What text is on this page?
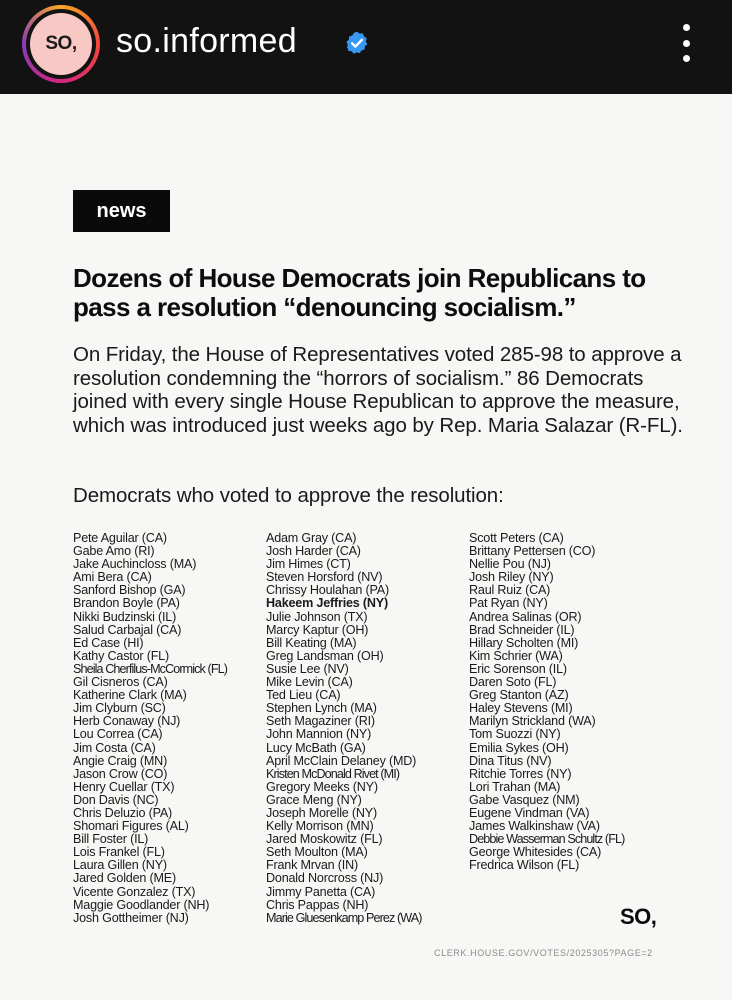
SO,	so.informed
news
Dozens of House Democrats join Republicans to pass a resolution “denouncing socialism.”
On Friday, the House of Representatives voted 285-98 to approve a resolution condemning the “horrors of socialism.” 86 Democrats joined with every single House Republican to approve the measure, which was introduced just weeks ago by Rep. Maria Salazar (R-FL).
Democrats who voted to approve the resolution:
Pete Aguilar (CA)
Gabe Amo (RI)
Jake Auchincloss (MA)
Ami Bera (CA)
Sanford Bishop (GA)
Brandon Boyle (PA)
Nikki Budzinski (IL)
Salud Carbajal (CA)
Ed Case (HI)
Kathy Castor (FL)
Sheila Cherfilus-McCormick (FL)
Gil Cisneros (CA)
Katherine Clark (MA)
Jim Clyburn (SC)
Herb Conaway (NJ)
Lou Correa (CA)
Jim Costa (CA)
Angie Craig (MN)
Jason Crow (CO)
Henry Cuellar (TX)
Don Davis (NC)
Chris Deluzio (PA)
Shomari Figures (AL)
Bill Foster (IL)
Lois Frankel (FL)
Laura Gillen (NY)
Jared Golden (ME)
Vicente Gonzalez (TX)
Maggie Goodlander (NH)
Josh Gottheimer (NJ)
Adam Gray (CA)
Josh Harder (CA)
Jim Himes (CT)
Steven Horsford (NV)
Chrissy Houlahan (PA)
Hakeem Jeffries (NY)
Julie Johnson (TX)
Marcy Kaptur (OH)
Bill Keating (MA)
Greg Landsman (OH)
Susie Lee (NV)
Mike Levin (CA)
Ted Lieu (CA)
Stephen Lynch (MA)
Seth Magaziner (RI)
John Mannion (NY)
Lucy McBath (GA)
April McClain Delaney (MD)
Kristen McDonald Rivet (MI)
Gregory Meeks (NY)
Grace Meng (NY)
Joseph Morelle (NY)
Kelly Morrison (MN)
Jared Moskowitz (FL)
Seth Moulton (MA)
Frank Mrvan (IN)
Donald Norcross (NJ)
Jimmy Panetta (CA)
Chris Pappas (NH)
Marie Gluesenkamp Perez (WA)
Scott Peters (CA)
Brittany Pettersen (CO)
Nellie Pou (NJ)
Josh Riley (NY)
Raul Ruiz (CA)
Pat Ryan (NY)
Andrea Salinas (OR)
Brad Schneider (IL)
Hillary Scholten (MI)
Kim Schrier (WA)
Eric Sorenson (IL)
Daren Soto (FL)
Greg Stanton (AZ)
Haley Stevens (MI)
Marilyn Strickland (WA)
Tom Suozzi (NY)
Emilia Sykes (OH)
Dina Titus (NV)
Ritchie Torres (NY)
Lori Trahan (MA)
Gabe Vasquez (NM)
Eugene Vindman (VA)
James Walkinshaw (VA)
Debbie Wasserman Schultz (FL)
George Whitesides (CA)
Fredrica Wilson (FL)
SO,
CLERK.HOUSE.GOV/VOTES/2025305?PAGE=2
